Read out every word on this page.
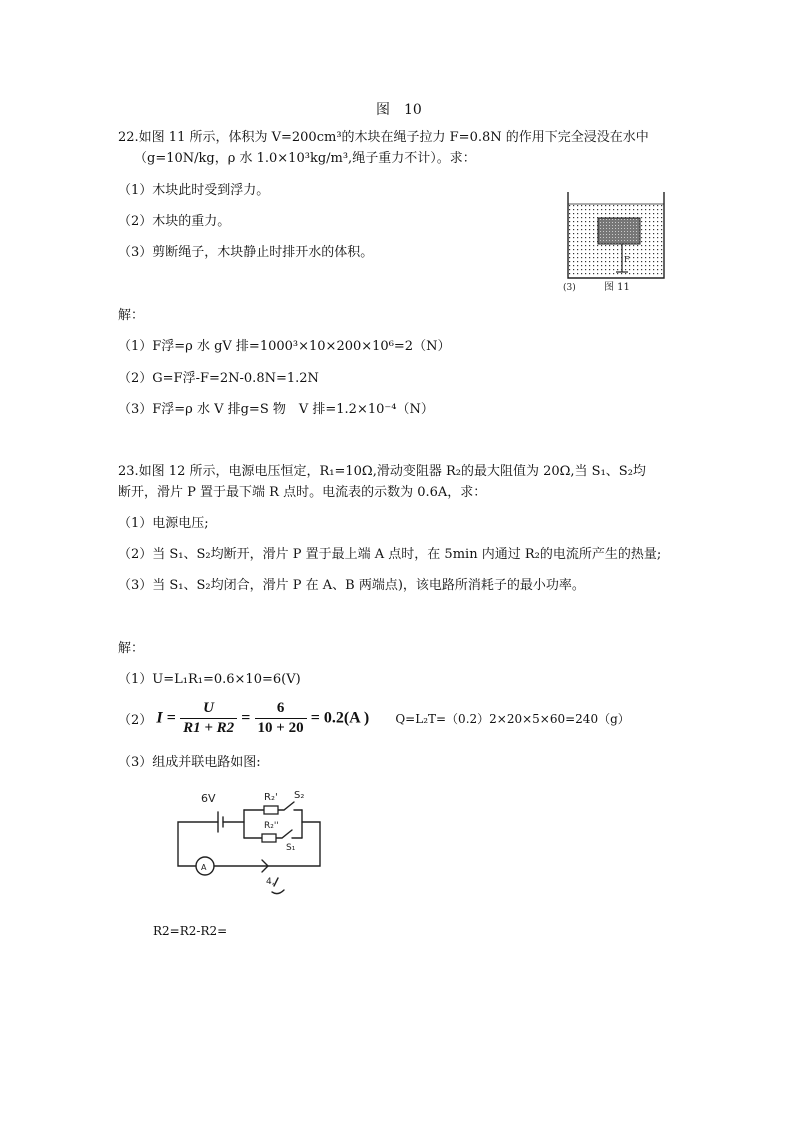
图　10
22.如图 11 所示，体积为 V=200cm³的木块在绳子拉力 F=0.8N 的作用下完全浸没在水中
（g=10N/kg，ρ 水 1.0×10³kg/m³,绳子重力不计）。求：
（1）木块此时受到浮力。
（2）木块的重力。
（3）剪断绳子，木块静止时排开水的体积。	F
图 11
(3)
解：
（1）F浮=ρ 水 gV 排=1000³×10×200×10⁶=2（N）
（2）G=F浮-F=2N-0.8N=1.2N
（3）F浮=ρ 水 V 排g=S 物　V 排=1.2×10⁻⁴（N）
23.如图 12 所示，电源电压恒定，R₁=10Ω,滑动变阻器 R₂的最大阻值为 20Ω,当 S₁、S₂均
断开，滑片 P 置于最下端 R 点时。电流表的示数为 0.6A，求：
（1）电源电压;
（2）当 S₁、S₂均断开，滑片 P 置于最上端 A 点时，在 5min 内通过 R₂的电流所产生的热量;
（3）当 S₁、S₂均闭合，滑片 P 在 A、B 两端点)，该电路所消耗子的最小功率。
解：
（1）U=L₁R₁=0.6×10=6(V)
（2） $I = \frac{U}{R1 + R2} = \frac{6}{10 + 20} = 0.2(A$ ) Q=L₂T=（0.2）2×20×5×60=240（g）
（3）组成并联电路如图:
6V	R₂' S₂
R₂''
S₁
A
4,
R2=R2-R2=
